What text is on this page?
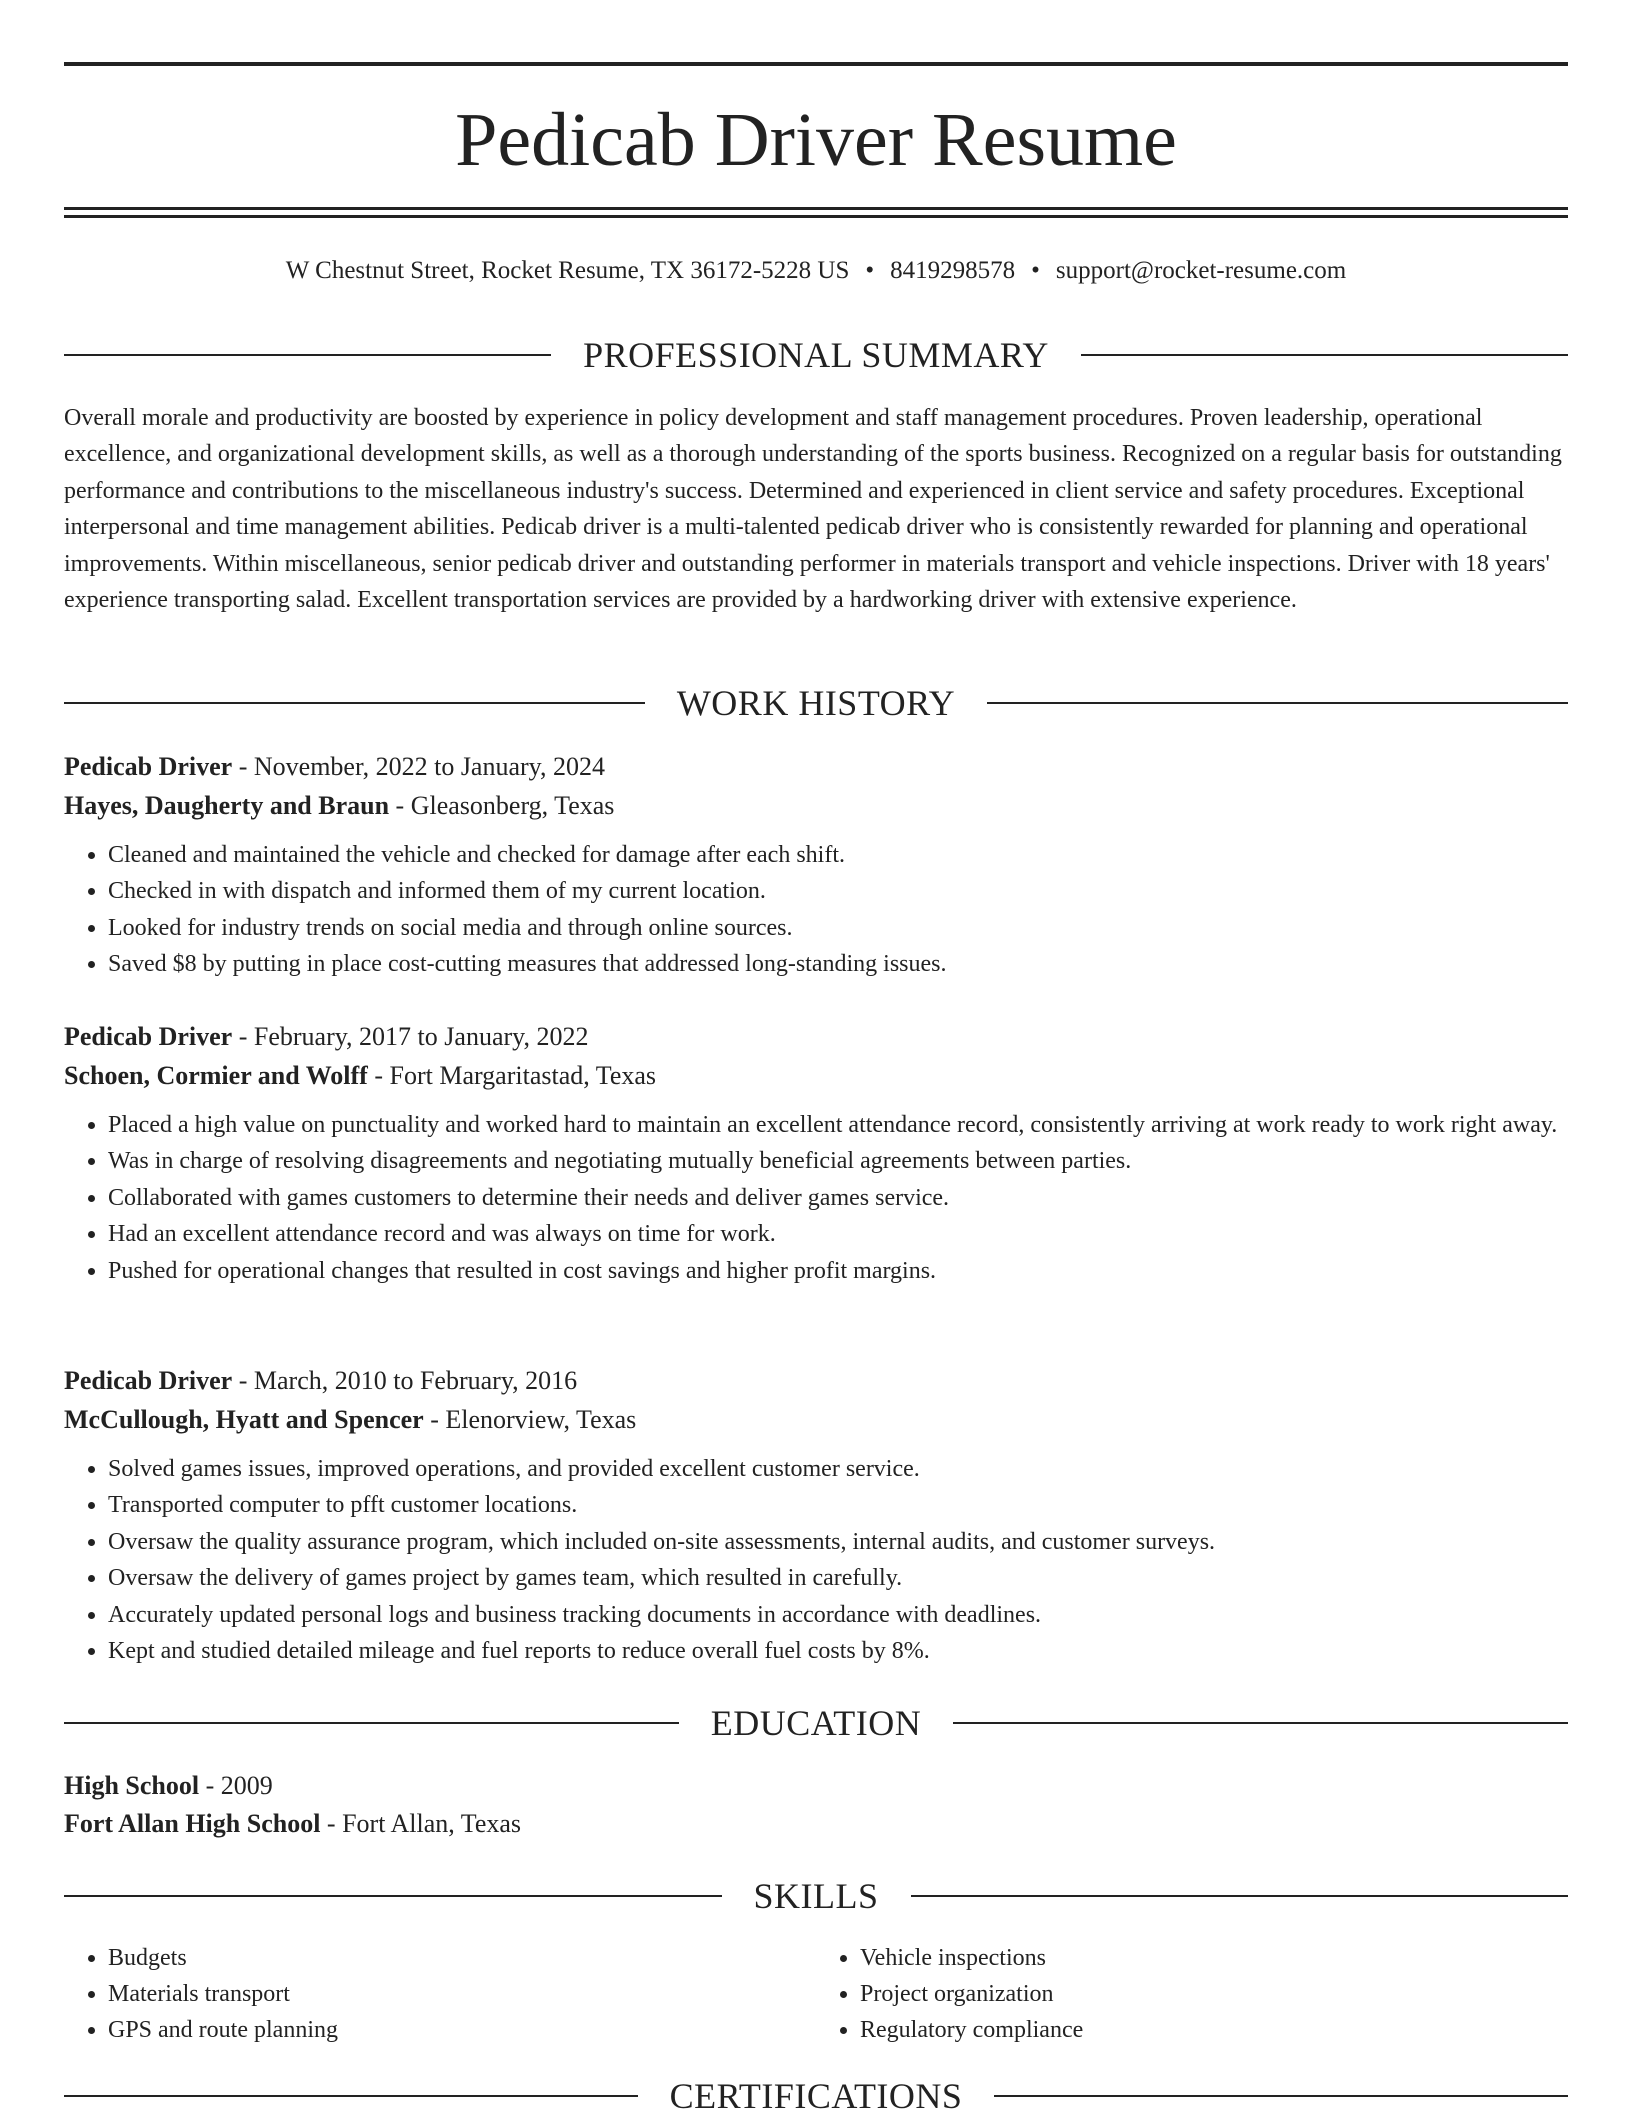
Pedicab Driver Resume
W Chestnut Street, Rocket Resume, TX 36172-5228 US • 8419298578 • support@rocket-resume.com
PROFESSIONAL SUMMARY

Overall morale and productivity are boosted by experience in policy development and staff management procedures. Proven leadership, operational excellence, and organizational development skills, as well as a thorough understanding of the sports business. Recognized on a regular basis for outstanding performance and contributions to the miscellaneous industry's success. Determined and experienced in client service and safety procedures. Exceptional interpersonal and time management abilities. Pedicab driver is a multi-talented pedicab driver who is consistently rewarded for planning and operational improvements. Within miscellaneous, senior pedicab driver and outstanding performer in materials transport and vehicle inspections. Driver with 18 years' experience transporting salad. Excellent transportation services are provided by a hardworking driver with extensive experience.

WORK HISTORY
Pedicab Driver - November, 2022 to January, 2024
Hayes, Daugherty and Braun - Gleasonberg, Texas
• Cleaned and maintained the vehicle and checked for damage after each shift.
• Checked in with dispatch and informed them of my current location.
• Looked for industry trends on social media and through online sources.
• Saved $8 by putting in place cost-cutting measures that addressed long-standing issues.
Pedicab Driver - February, 2017 to January, 2022
Schoen, Cormier and Wolff - Fort Margaritastad, Texas
• Placed a high value on punctuality and worked hard to maintain an excellent attendance record, consistently arriving at work ready to work right away.
• Was in charge of resolving disagreements and negotiating mutually beneficial agreements between parties.
• Collaborated with games customers to determine their needs and deliver games service.
• Had an excellent attendance record and was always on time for work.
• Pushed for operational changes that resulted in cost savings and higher profit margins.
Pedicab Driver - March, 2010 to February, 2016
McCullough, Hyatt and Spencer - Elenorview, Texas
• Solved games issues, improved operations, and provided excellent customer service.
• Transported computer to pfft customer locations.
• Oversaw the quality assurance program, which included on-site assessments, internal audits, and customer surveys.
• Oversaw the delivery of games project by games team, which resulted in carefully.
• Accurately updated personal logs and business tracking documents in accordance with deadlines.
• Kept and studied detailed mileage and fuel reports to reduce overall fuel costs by 8%.
EDUCATION
High School - 2009
Fort Allan High School - Fort Allan, Texas
SKILLS
• Budgets
• Materials transport
• GPS and route planning
• Vehicle inspections
• Project organization
• Regulatory compliance
CERTIFICATIONS
